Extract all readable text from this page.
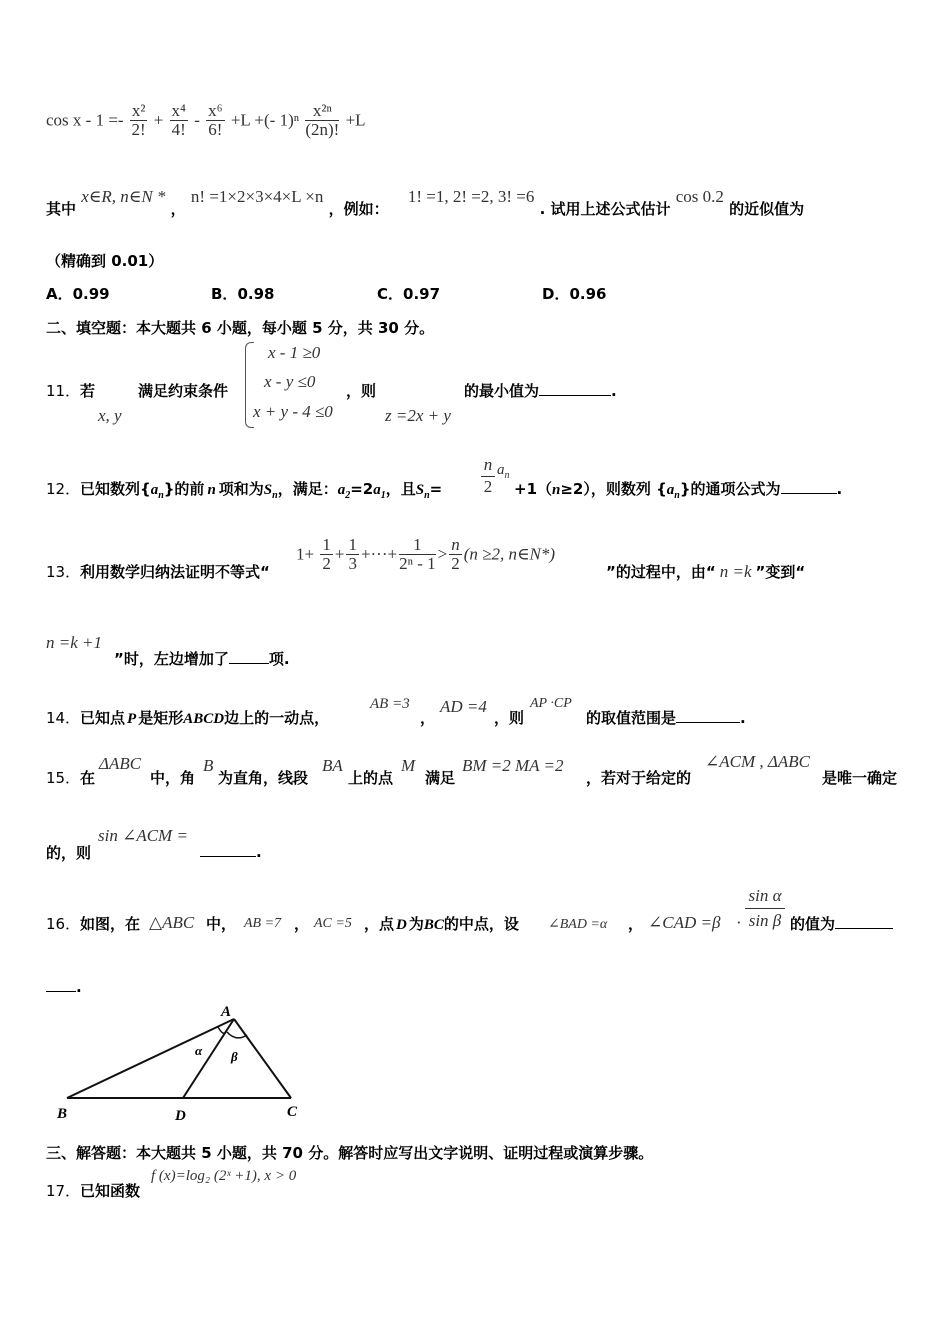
$\cos x - 1 =- \frac{\text{x²}}{2!} + \frac{\text{x⁴}}{4!} - \frac{\text{x⁶}}{6!} +L$ +(- $1)^n \frac{\text{x²ⁿ}}{(2n)!} +L$
其中 x∈R, n∈N * ， n! =1×2×3×4×L ×n ，例如： 1! =1, 2! =2, 3! =6 . 试用上述公式估计 cos 0.2 的近似值为
（精确到 0.01）
A．0.99	B．0.98	C．0.97	D．0.96
二、填空题：本大题共 6 小题，每小题 5 分，共 30 分。
11． 若
x, y
满足约束条件
x - 1 ≥0
x - y ≤0
x + y - 4 ≤0
，则
z =2x + y
的最小值为	.
12． 已知数列$\{a_n\}$的前 n 项和为$S_n$，满足：$a_2=2a_1$，且$S_n= \frac{n}{2} a_n$
+1（n≥2），则数列 $\{a_n\}$的通项公式为	.
13． 利用数学归纳法证明不等式“
$1+ \frac{1}{2} + \frac{1}{3}$ +···+ $\frac{1}{\text{2ⁿ - 1}} > \frac{n}{2} (n \ge 2$, n∈N*)
”的过程中，由“ n =k ”变到“
n =k +1
”时，左边增加了	项.
14． 已知点 P 是矩形ABCD边上的一动点，
AB =3
，
AD =4
，则
AP ·CP
的取值范围是	.
15． 在
ΔABC
中，角
B
为直角，线段
BA
上的点
M
满足
BM =2 MA =2
，若对于给定的
∠ACM , ΔABC
是唯一确定
的，则
sin ∠ACM =
.
16． 如图，在 △ABC 中， AB =7 ， AC =5 ，点 D 为BC的中点，设 ∠BAD =α ， ∠CAD $=\beta \cdot \frac{\text{sin α}}{\text{sin β}}$ 的值为
.
A
B	D	C
α β
三、解答题：本大题共 5 小题，共 70 分。解答时应写出文字说明、证明过程或演算步骤。
17． 已知函数
f (x)=log₂ (2ˣ +1), x > 0
